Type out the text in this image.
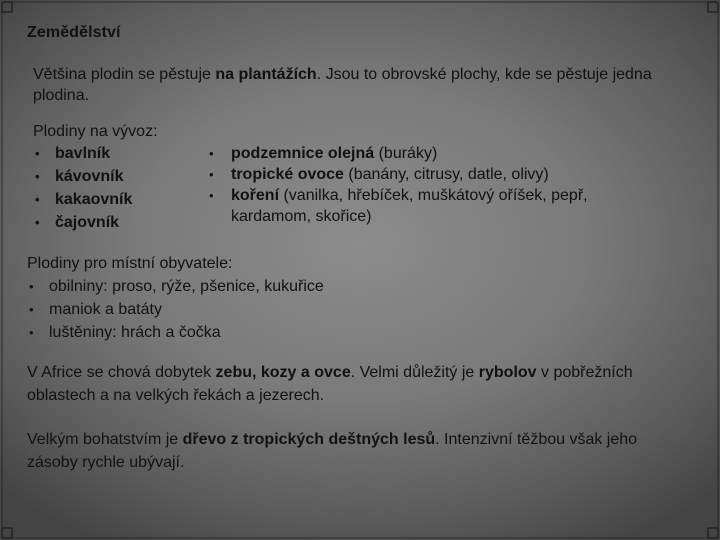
Zemědělství

Většina plodin se pěstuje na plantážích. Jsou to obrovské plochy, kde se pěstuje jedna plodina.

Plodiny na vývoz:
• bavlník
• kávovník
• kakaovník
• čajovník
• podzemnice olejná (buráky)
• tropické ovoce (banány, citrusy, datle, olivy)
• koření (vanilka, hřebíček, muškátový oříšek, pepř, kardamom, skořice)
Plodiny pro místní obyvatele:
• obilniny: proso, rýže, pšenice, kukuřice
• maniok a batáty
• luštěniny: hrách a čočka

V Africe se chová dobytek zebu, kozy a ovce. Velmi důležitý je rybolov v pobřežních oblastech a na velkých řekách a jezerech.

Velkým bohatstvím je dřevo z tropických deštných lesů. Intenzivní těžbou však jeho zásoby rychle ubývají.
